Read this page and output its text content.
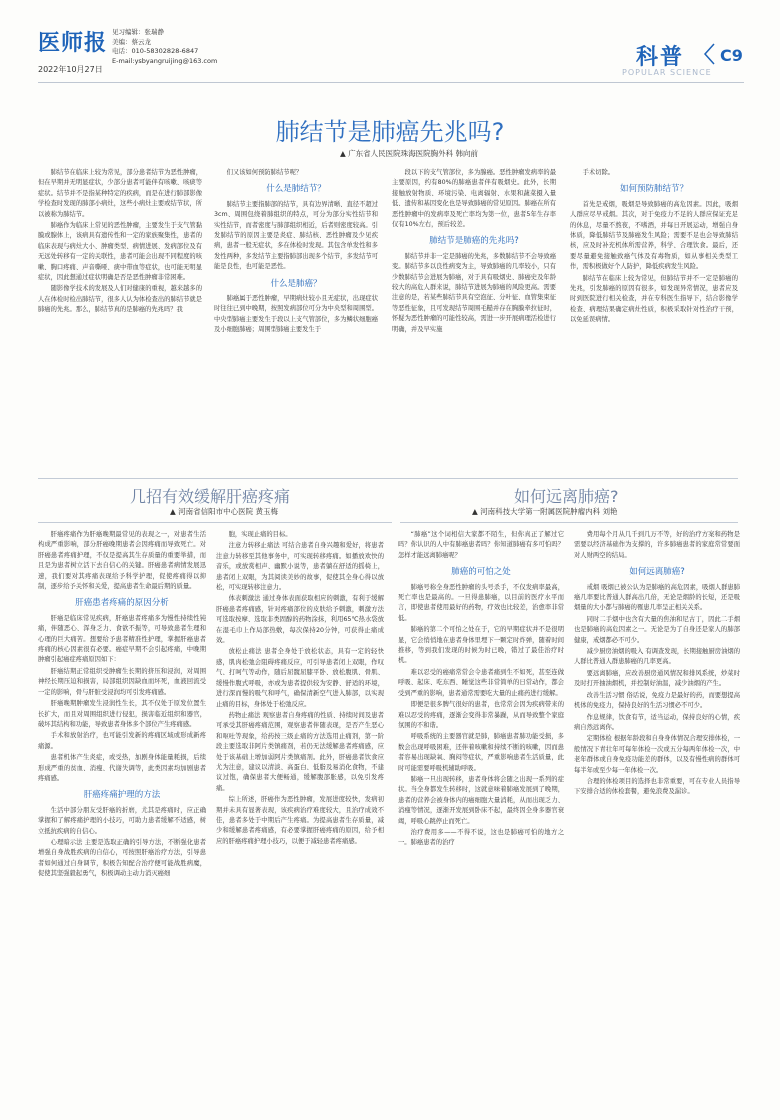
医师报 见习编辑：张瑞静
美编：蔡云龙
电话：010-58302828-6847
E-mail:ysbyangruijing@163.com
2022年10月27日	科普
POPULAR SCIENCE
C9
肺结节是肺癌先兆吗?
▲ 广东省人民医院珠海医院胸外科 韩向前

肺结节在临床上较为常见，部分患者结节为恶性肿瘤，但在早期并无明显症状，少部分患者可能伴有咳嗽、咳痰等症状。结节并不是指某种特定的疾病，而是在进行肺部影像学检查时发现的肺部小病灶，这些小病灶主要或结节状，所以被称为肺结节。

肺癌作为临床上常见的恶性肿瘤，主要发生于支气管黏膜或腺体上，该病具有遗传性和一定的家族聚集性，患者的临床表现与病灶大小、肿瘤类型、病情进展、发病部位及有无远处转移有一定的关联性，患者可能会出现不同程度的咳嗽、胸口疼痛、声音嘶哑、痰中带血等症状，也可能无明显症状，因此想通过症状明确是否是恶性肿瘤非常困难。

随影像学技术的发展及人们对健康的重视，越来越多的人在体检时检出肺结节，很多人认为体检查出的肺结节就是肺癌的先兆。那么，肺结节真的是肺癌的先兆吗？我

们又该如何预防肺结节呢？

什么是肺结节？

肺结节主要指肺部的结节，具有边界清晰、直径不超过3cm、周围包绕着肺组织的特点，可分为部分实性结节和实性结节，而者密度与肺部组织相近，后者则密度较高。引发肺结节的原因主要是炎症、肺结核、恶性肿瘤及少见疾病，患者一般无症状，多在体检时发现。其包含单发性和多发性两种，多发结节主要指肺部出现多个结节，多发结节可能是良性，也可能是恶性。

什么是肺癌？

肺癌属于恶性肿瘤，早期病灶较小且无症状，出现症状时往往已到中晚期，按照发病部位可分为中央型和周围型。中央型肺癌主要发生于段以上支气管部位，多为鳞状细胞癌及小细胞肺癌；周围型肺癌主要发生于

段以下的支气管部位，多为腺癌。恶性肿瘤发病率的最主要原因，约有80%的肺癌患者伴有吸烟史。此外，长期接触放射物质、环境污染、电离辐射、水果和蔬菜摄入量低、遗传和基因变化也是导致肺癌的常见原因。肺癌在所有恶性肿瘤中的发病率及死亡率均为第一位，患者5年生存率仅有10%左右，预后较差。

肺结节是肺癌的先兆吗?

肺结节并非一定是肺癌的先兆，多数肺结节不会导致癌变。肺结节多以良性病变为主，导致肺癌的几率较小，只有少数肺结节会进展为肺癌，对于具有吸烟史、肺癌史及年龄较大的高危人群来说，肺结节进展为肺癌的风险更高。需要注意的是，若某些肺结节具有空泡征、分叶征、血管集束征等恶性征象，且可发现结节周围毛糙并存在胸膜牵拉征时，怀疑为恶性肿瘤的可能性较高，需进一步开展病理活检进行明确，并及早实施

手术切除。

如何预防肺结节？

首先是戒烟，吸烟是导致肺癌的高危因素。因此，吸烟人群应尽早戒烟。其次，对于免疫力不足的人群应保证充足的休息，尽量不熬夜，不嗜酒，并每日开展运动，增强自身体质，降低肺结节及肺癌发生风险；需要不足也会导致肺结核，应及时补充机体所需营养，科学、合理饮食。最后，还要尽量避免接触致癌气体及有毒物质，如从事相关类型工作，需积极做好个人防护，降低疾病发生风险。

肺结节在临床上较为常见，但肺结节并不一定是肺癌的先兆，引发肺癌的原因有很多，如发现异常情况，患者应及时到医院进行相关检查，并在专科医生指导下，结合影像学检查、病理结果确定病灶性质，积极采取针对性治疗干预，以免延误病情。

几招有效缓解肝癌疼痛
▲ 河南省信阳市中心医院 黄玉梅

肝癌疼痛作为肝癌晚期最常见的表现之一，对患者生活构成严重影响，部分肝癌晚期患者会因疼痛而导致死亡。对肝癌患者疼痛护理，不仅是提高其生存质量的重要举措，而且是为患者树立活下去自信心的关键。肝癌患者病情发展迅速，我们要对其疼痛表现给予科学护理，促使疼痛得以抑制，逐步给予关怀和关爱，提高患者生命最后期的质量。

肝癌患者疼痛的原因分析

肝癌是临床常见疾病，肝癌患者疼痛多为慢性持续性钝痛，伴随恶心、浑身乏力、食欲不振等，可导致患者生理和心理的巨大痛苦。想要给予患者精准性护理，掌握肝癌患者疼痛的核心因素很有必要。癌症早期不会引起疼痛，中晚期肿瘤引起癌症疼痛原因如下：

肝癌结期正常组织受肿瘤生长期的挤压和浸润，对周围神经长期压迫和损害，局部组织因缺血而坏死，血液回流受一定的影响，骨与肝脏受浸润均可引发疼痛感。

肝癌晚期肿瘤发生浸润性生长，其不仅处于原发位置生长扩大，而且对周围组织进行侵犯，损害临近组织和器官，破坏其结构和功能，导致患者身体多个部位产生疼痛感。

手术和放射治疗，也可能引发新的疼痛区域或形成新疼痛源。

患者机体产生炎症，或受热，加剧身体能量耗损，后续形成严重的贫血、消瘦、代谢失调等，此类因素均加剧患者疼痛感。

肝癌疼痛护理的方法

生活中部分朋友受肝癌的折磨，尤其是疼痛时，应正确掌握和了解疼痛护理的小技巧，可助力患者缓解不适感，树立抵抗疾病的自信心。

心理暗示法 主要是选取正确的引导方法，不断强化患者增强自身战胜疾病的自信心，可按照肝癌治疗方法，引导患者如何通过自身调节，积极告知配合治疗便可能战胜病魔，促使其坚强毅起勇气，积极调动主动力消灭癌细

胞，实现止痛的目标。

注意力转移止痛法 可结合患者自身兴趣和爱好，将患者注意力转移至其他事务中，可实现转移疼痛。如播放欢快的音乐，或放赏相声、幽默小说等，患者躺在舒适的摇椅上，患者闭上双眼，为其阅读美妙的故事，促使其全身心得以放松，可实现转移注意力。

体表刺激法 通过身体表面获取相应的刺激，有利于缓解肝癌患者疼痛感，针对疼痛部位的皮肤给予刺激，刺激方法可选取按摩、选取非类固醇的药物涂抹，利用65℃热水袋放在湿毛巾上作局部热敷，每次保持20分钟，可获得止痛成效。

放松止痛法 患者全身处于放松状态，具有一定的轻快感，肌肉松弛会阻碍疼痛反应，可引导患者闭上双眼，作叹气、打呵气等动作，随后屈髋屈膝平卧、放松腹肌、骨肌、缓慢作腹式呼吸，亦或为患者提供较为安静、舒适的环境，进行深而慢的吸气和呼气，确保清新空气进入肺部，以实现止痛的目标，身体处于松弛反应。

药物止痛法 观察患者自身疼痛的性质、持续时间及患者可承受其肝癌疼痛范围，观察患者伴随表现，是否产生恶心和呕吐等现象，给药按三级止痛的方法选用止痛剂，第一阶段主要选取非阿片类镇痛剂，若仍无法缓解患者疼痛感，应处于该基础上增加弱阿片类镇痛剂。此外，肝癌患者饮食应尤为注意，建议以清淡、高蛋白、低脂及易消化食物，不建议过饱，确保患者大便畅通，缓解腹部胀感，以免引发疼痛。

综上所述，肝癌作为恶性肿瘤，发展进度较快，发病初期并未具有显著表现，该疾病治疗难度较大，且治疗成效不佳，患者多处于中期后产生疼痛。为提高患者生存质量，减少和缓解患者疼痛感，有必要掌握肝癌疼痛的原因，给予相应的肝癌疼痛护理小技巧，以便于减轻患者疼痛感。

如何远离肺癌?
▲ 河南科技大学第一附属医院肿瘤内科 刘艳

“肺癌”这个词相信大家都不陌生，但你真正了解过它吗？你认识的人中有肺癌患者吗？你知道肺癌有多可怕吗？怎样才能远离肺癌呢？

肺癌的可怕之处

肺癌号称全身恶性肿瘤的头号杀手，不仅发病率最高，死亡率也是最高的。一旦得患肺癌，以目前的医疗水平而言，即使患者使用最好的药物，疗效也比较差，治愈率非常低。

肺癌的第二个可怕之处在于，它的早期症状并不是很明显，它会悄悄地在患者身体里埋下一颗定时炸弹，随着时间推移，等到我们发现的时候为时已晚，错过了最佳治疗时机。

难以忍受的癌痛常常会令患者痛到生不如死，甚至连做呼吸、起床、吃东西、睡觉这些非常简单的日常动作，都会受到严重的影响，患者通常需要吃大量的止痛药进行缓解。

即便是很多脾气很好的患者，也常常会因为疾病带来的难以忍受的疼痛，逐渐会变得非常暴躁，从而导致整个家庭氛围的不和谐。

呼吸系统的主要器官就是肺，肺癌患者肺功能受损，多数会出现呼吸困难，还伴着咳嗽和持续不断的咳嗽，因而患者容易出现缺氧、胸闷等症状，严重影响患者生活质量，此时可能需要呼吸机辅助呼吸。

肺癌一旦出现转移，患者身体将会随之出现一系列的症状。当全身都发生转移时，这就意味着肺癌发展到了晚期，患者的营养会被身体内的癌细胞大量消耗，从而出现乏力、消瘦等情况，逐渐开发展到卧床不起，最终因全身多器官衰竭，呼吸心跳停止而死亡。

治疗费用多——不得不说，这也是肺癌可怕的地方之一。肺癌患者的治疗

费用每个月从几千到几万不等，好的治疗方案和药物是需要以经济基础作为支撑的，许多肺癌患者的家庭常常要面对人财两空的结局。

如何远离肺癌?

戒烟 吸烟已被公认为是肺癌的高危因素，吸烟人群患肺癌几率要比普通人群高出几倍，无论是烟龄的长短，还是吸烟量的大小都与肺癌的罹患几率呈正相关关系。

同时二手烟中也含有大量的焦油和尼古丁，因此二手烟也是肺癌的高危因素之一。无论是为了自身还是家人的肺部健康，戒烟都必不可少。

减少厨房油烟的吸入 有调查发现，长期接触厨房油烟的人群比普通人群患肺癌的几率更高。

要远离肺癌，应改善厨房通风情况和排风系统，炒菜时及时打开抽油烟机，并控制好油温，减少油烟的产生。

改善生活习惯 俗话说，免疫力是最好的药，而要想提高机体的免疫力，保持良好的生活习惯必不可少。

作息规律，饮食有节，适当运动，保持良好的心情，疾病自然远离你。

定期体检 根据年龄段和自身身体情况合理安排体检，一般情况下青壮年可每年体检一次或五分每两年体检一次，中老年群体或自身免疫功能差的群体，以及有慢性病的群体可每半年或至少每一年体检一次。

合理的体检项目的选择也非常重要，可在专业人员指导下安排合适的体检套餐，避免浪费及漏诊。
